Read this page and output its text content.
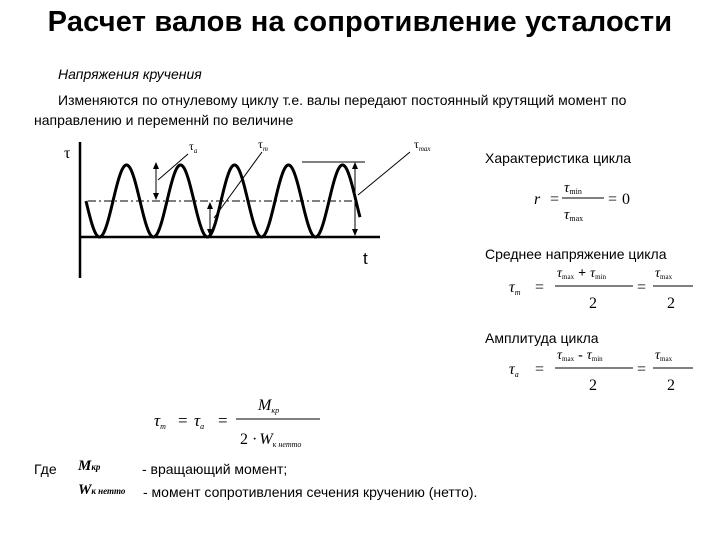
Расчет валов на сопротивление усталости
Напряжения кручения
Изменяются по отнулевому циклу т.е. валы передают постоянный крутящий момент по направлению и переменнй по величине
τ
t
$\tau_a$	$\tau_m$	$\tau_{max}$
Характеристика цикла
r =
τmin
τmax
= 0
Среднее напряжение цикла
τm =
τmax + τmin
2
=
τmax
2
Амплитуда цикла
τa =
τmax - τmin
2
=
τmax
2
τm = τa =
Mкр
2 · Wк нетто
Где Mкр	- вращающий момент;
Wк нетто - момент сопротивления сечения кручению (нетто).
